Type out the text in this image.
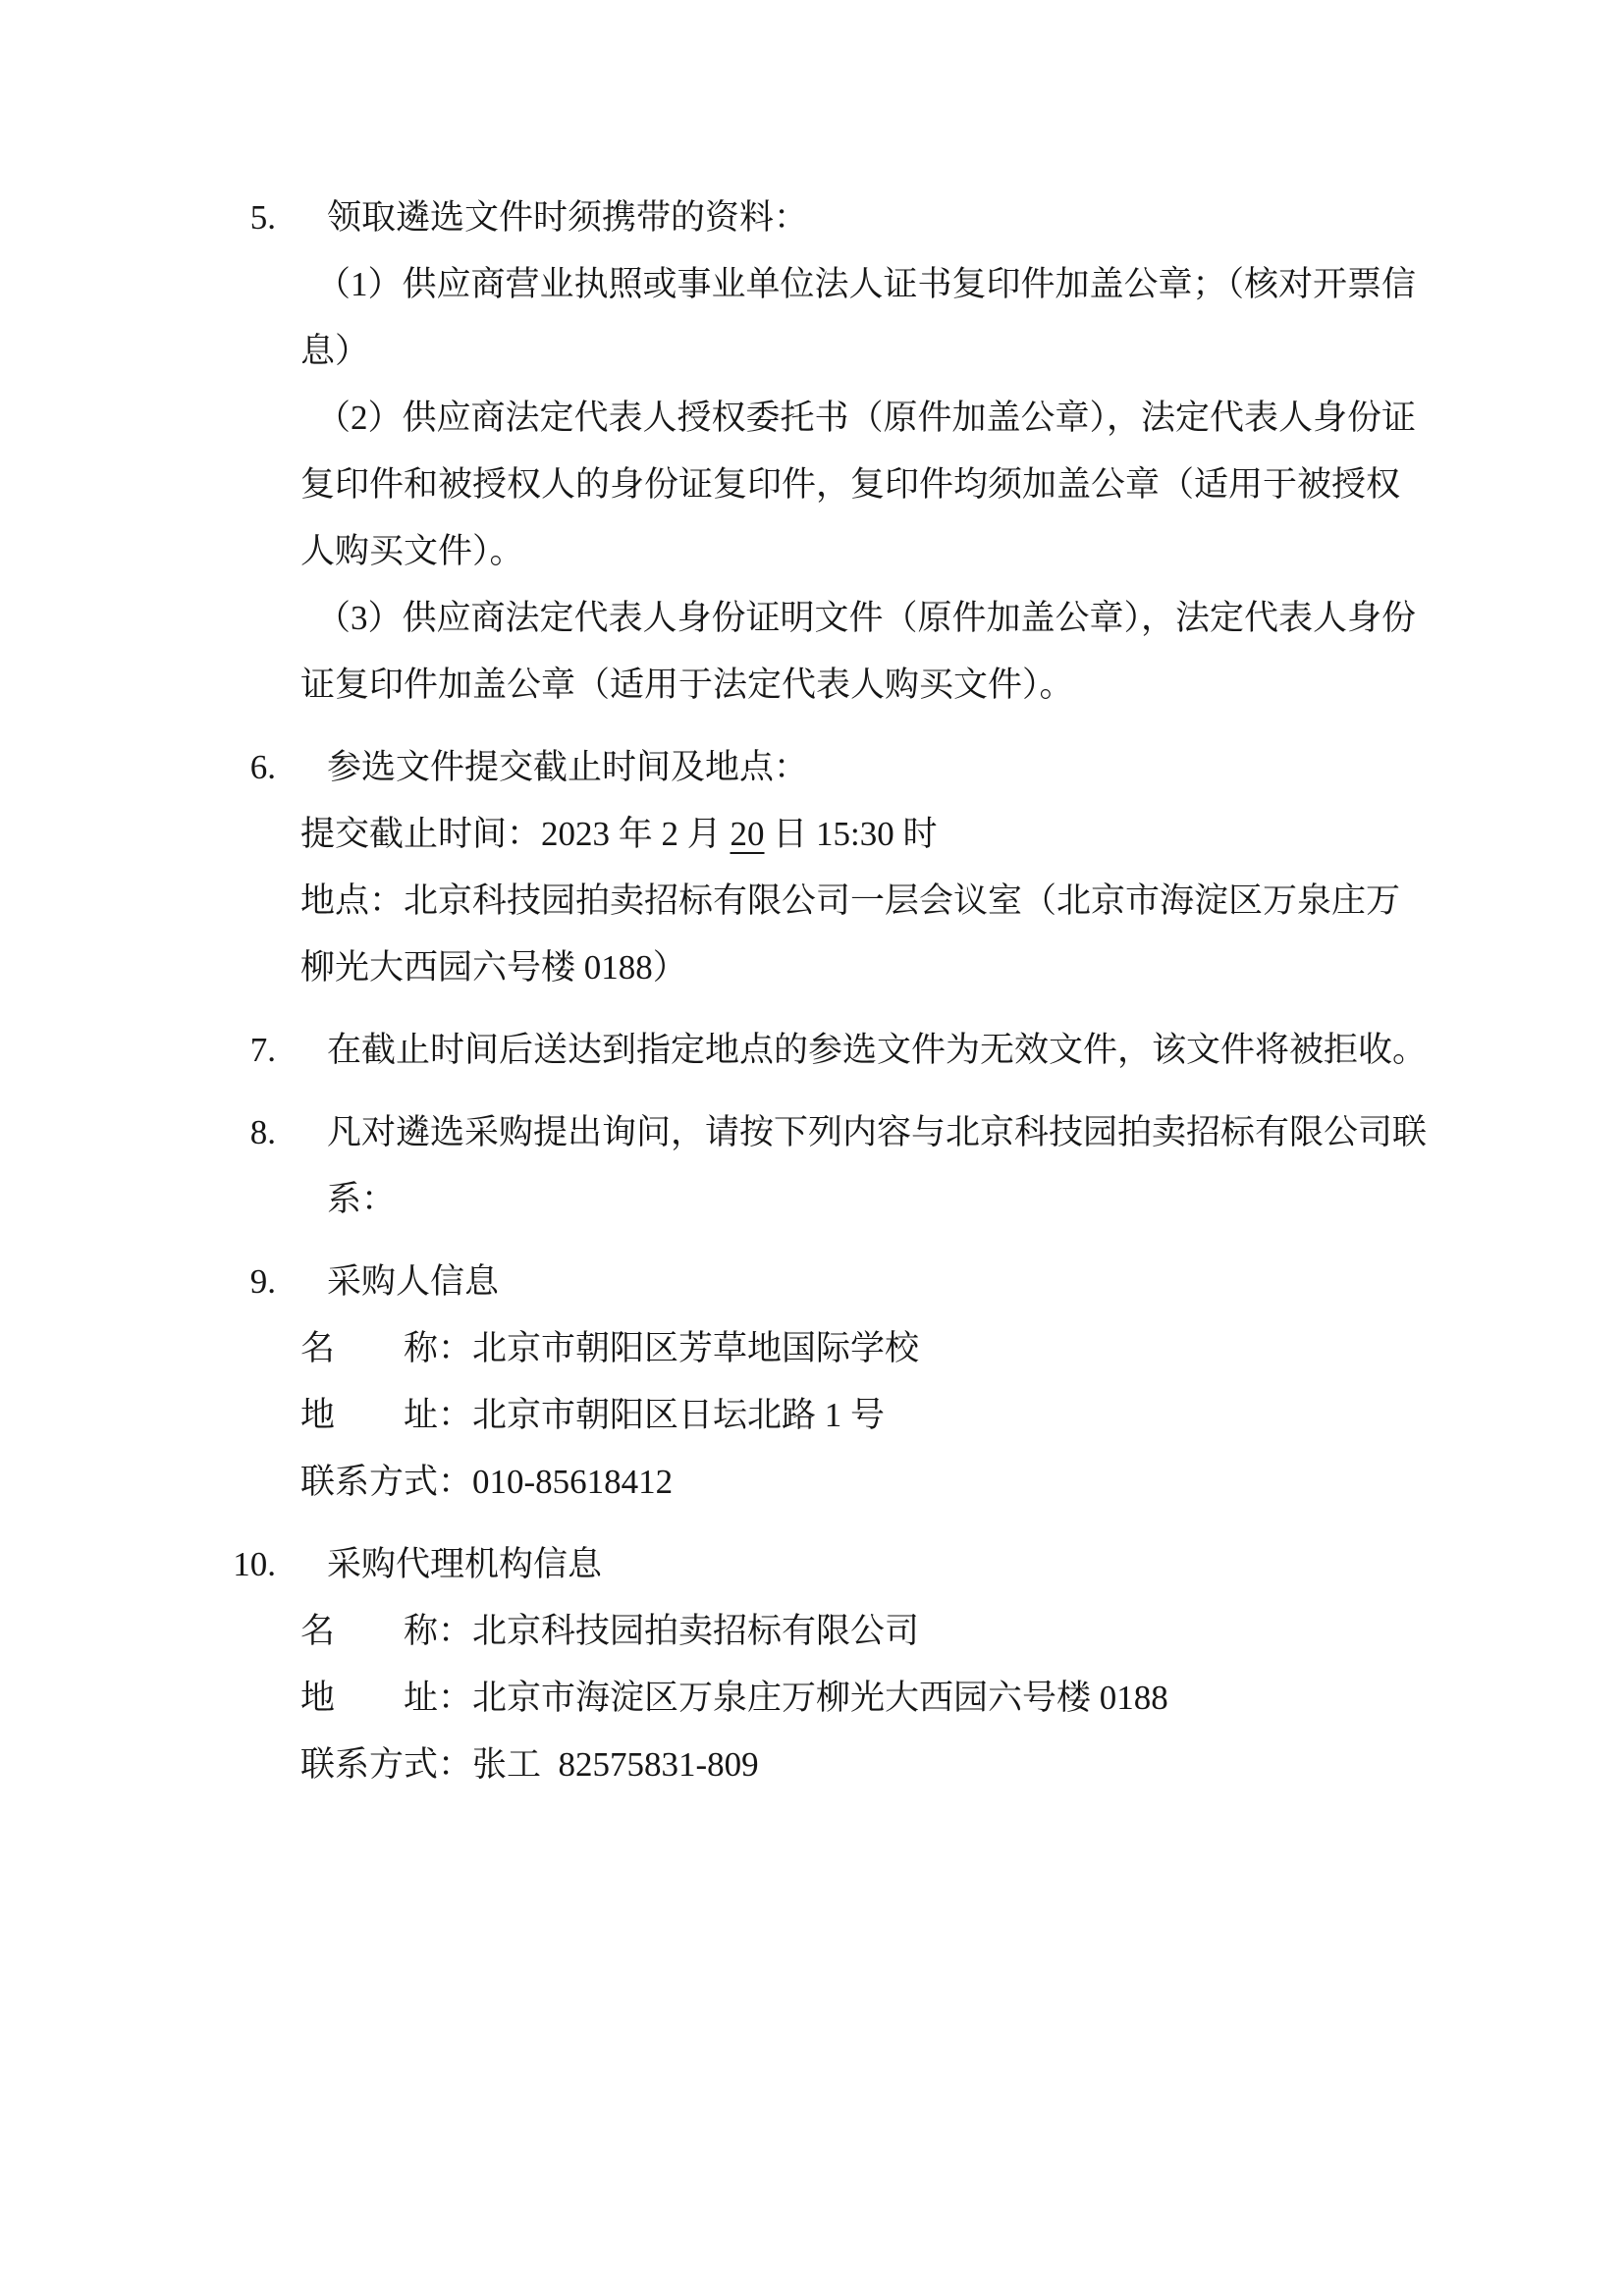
5. 领取遴选文件时须携带的资料：
（1）供应商营业执照或事业单位法人证书复印件加盖公章；（核对开票信
息）
（2）供应商法定代表人授权委托书（原件加盖公章），法定代表人身份证
复印件和被授权人的身份证复印件，复印件均须加盖公章（适用于被授权
人购买文件）。
（3）供应商法定代表人身份证明文件（原件加盖公章），法定代表人身份
证复印件加盖公章（适用于法定代表人购买文件）。
6. 参选文件提交截止时间及地点：
提交截止时间：2023 年 2 月 20 日 15:30 时
地点：北京科技园拍卖招标有限公司一层会议室（北京市海淀区万泉庄万
柳光大西园六号楼 0188）
7. 在截止时间后送达到指定地点的参选文件为无效文件，该文件将被拒收。
8. 凡对遴选采购提出询问，请按下列内容与北京科技园拍卖招标有限公司联
系：
9. 采购人信息
名　　称：北京市朝阳区芳草地国际学校
地　　址：北京市朝阳区日坛北路 1 号
联系方式：010-85618412
10. 采购代理机构信息
名　　称：北京科技园拍卖招标有限公司
地　　址：北京市海淀区万泉庄万柳光大西园六号楼 0188
联系方式：张工  82575831-809
